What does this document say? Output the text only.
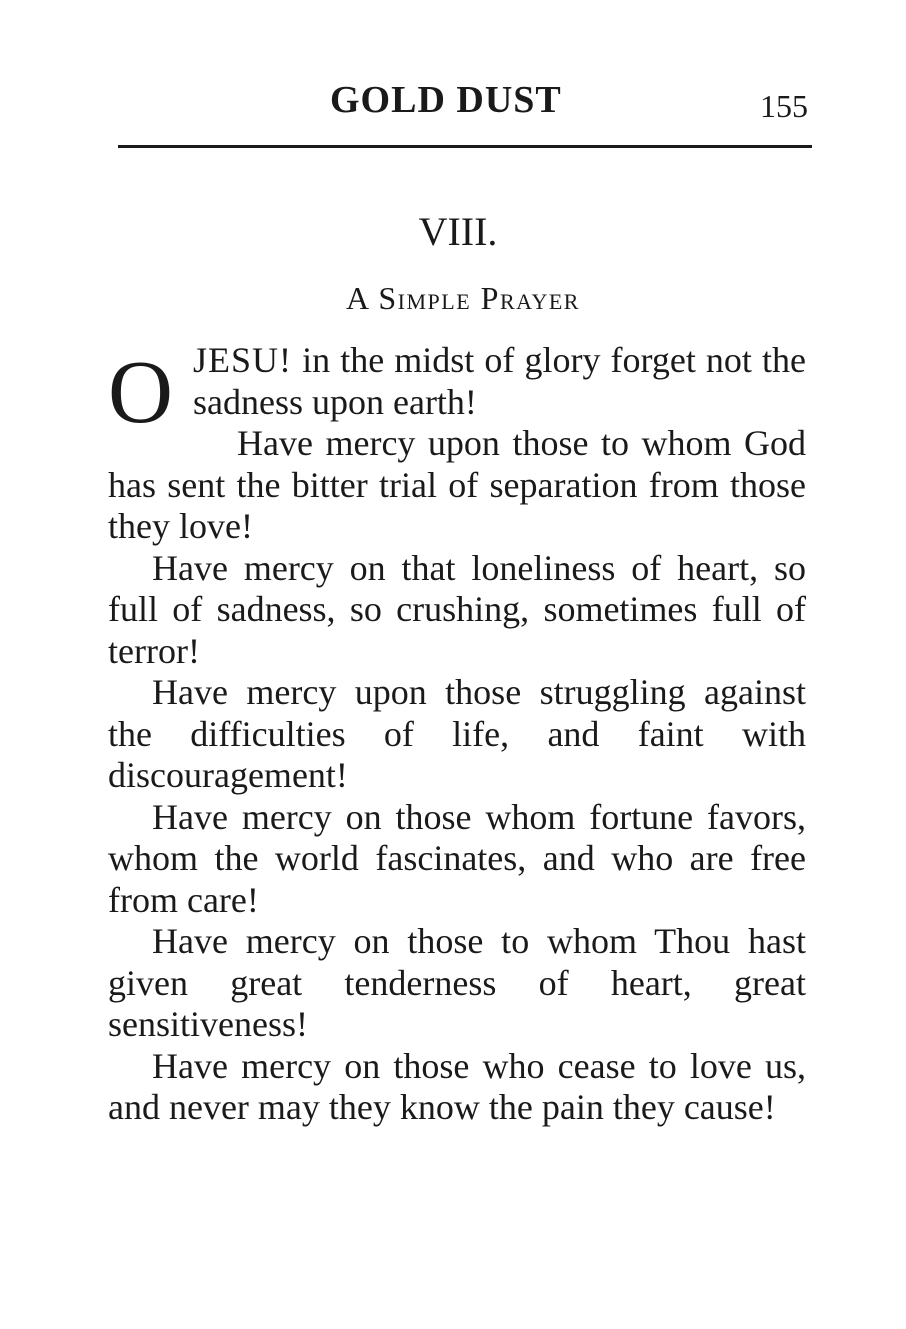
GOLD DUST	155
VIII.
A Simple Prayer

OJESU! in the midst of glory forget not the sadness upon earth!

Have mercy upon those to whom God has sent the bitter trial of separation from those they love!

Have mercy on that loneliness of heart, so full of sadness, so crushing, sometimes full of terror!

Have mercy upon those struggling against the difficulties of life, and faint with discouragement!

Have mercy on those whom fortune favors, whom the world fascinates, and who are free from care!

Have mercy on those to whom Thou hast given great tenderness of heart, great sensitiveness!

Have mercy on those who cease to love us, and never may they know the pain they cause!
